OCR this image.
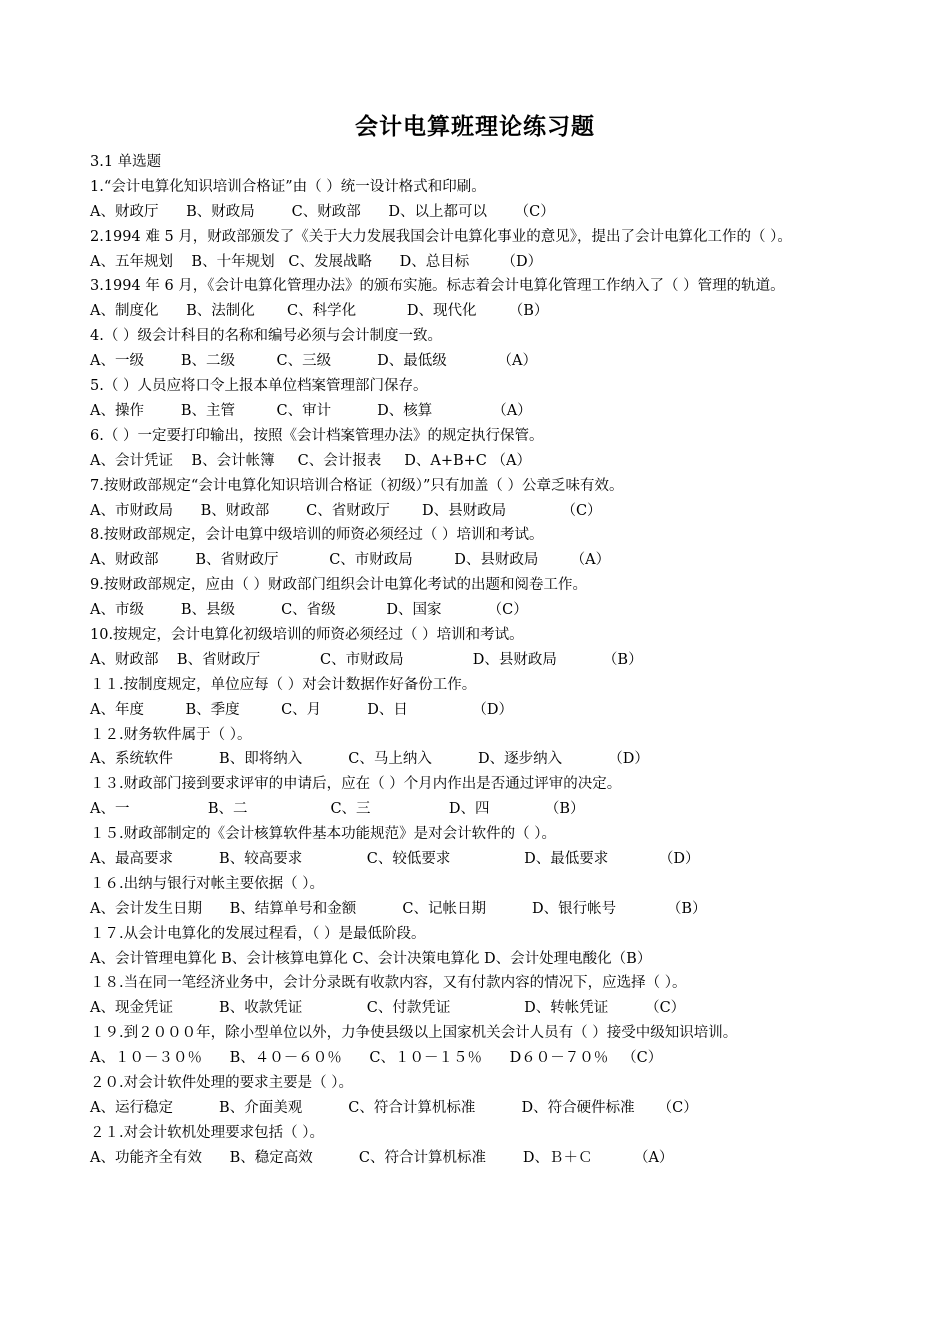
会计电算班理论练习题
3.1 单选题
1.“会计电算化知识培训合格证”由（ ）统一设计格式和印刷。
A、财政厅      B、财政局        C、财政部      D、以上都可以      （C）
2.1994 难 5 月，财政部颁发了《关于大力发展我国会计电算化事业的意见》，提出了会计电算化工作的（ ）。
A、五年规划    B、十年规划   C、发展战略      D、总目标       （D）
3.1994 年 6 月，《会计电算化管理办法》的颁布实施。标志着会计电算化管理工作纳入了（ ）管理的轨道。
A、制度化      B、法制化       C、科学化           D、现代化       （B）
4.（ ）级会计科目的名称和编号必须与会计制度一致。
A、一级        B、二级         C、三级          D、最低级           （A）
5.（ ）人员应将口令上报本单位档案管理部门保存。
A、操作        B、主管         C、审计          D、核算             （A）
6.（ ）一定要打印输出，按照《会计档案管理办法》的规定执行保管。
A、会计凭证    B、会计帐簿     C、会计报表     D、A+B+C （A）
7.按财政部规定“会计电算化知识培训合格证（初级）”只有加盖（ ）公章乏味有效。
A、市财政局      B、财政部        C、省财政厅       D、县财政局            （C）
8.按财政部规定，会计电算中级培训的师资必须经过（ ）培训和考试。
A、财政部        B、省财政厅           C、市财政局         D、县财政局       （A）
9.按财政部规定，应由（ ）财政部门组织会计电算化考试的出题和阅卷工作。
A、市级        B、县级          C、省级           D、国家          （C）
10.按规定，会计电算化初级培训的师资必须经过（ ）培训和考试。
A、财政部    B、省财政厅             C、市财政局               D、县财政局          （B）
１１.按制度规定，单位应每（ ）对会计数据作好备份工作。
A、年度         B、季度         C、月          D、日              （D）
１２.财务软件属于（ ）。
A、系统软件          B、即将纳入          C、马上纳入          D、逐步纳入          （D）
１３.财政部门接到要求评审的申请后，应在（ ）个月内作出是否通过评审的决定。
A、一                 B、二                  C、三                 D、四            （B）
１５.财政部制定的《会计核算软件基本功能规范》是对会计软件的（ ）。
A、最高要求          B、较高要求              C、较低要求                D、最低要求           （D）
１６.出纳与银行对帐主要依据（ ）。
A、会计发生日期      B、结算单号和金额          C、记帐日期          D、银行帐号           （B）
１７.从会计电算化的发展过程看，（ ）是最低阶段。
A、会计管理电算化 B、会计核算电算化 C、会计决策电算化 D、会计处理电酸化（B）
１８.当在同一笔经济业务中，会计分录既有收款内容，又有付款内容的情况下，应选择（ ）。
A、现金凭证          B、收款凭证              C、付款凭证                D、转帐凭证        （C）
１９.到２０００年，除小型单位以外，力争使县级以上国家机关会计人员有（ ）接受中级知识培训。
A、１０－３０％      B、４０－６０％      C、１０－１５％      D６０－７０％   （C）
２０.对会计软件处理的要求主要是（ ）。
A、运行稳定          B、介面美观          C、符合计算机标准          D、符合硬件标准     （C）
２１.对会计软机处理要求包括（ ）。
A、功能齐全有效      B、稳定高效          C、符合计算机标准        D、Ｂ＋Ｃ         （A）
